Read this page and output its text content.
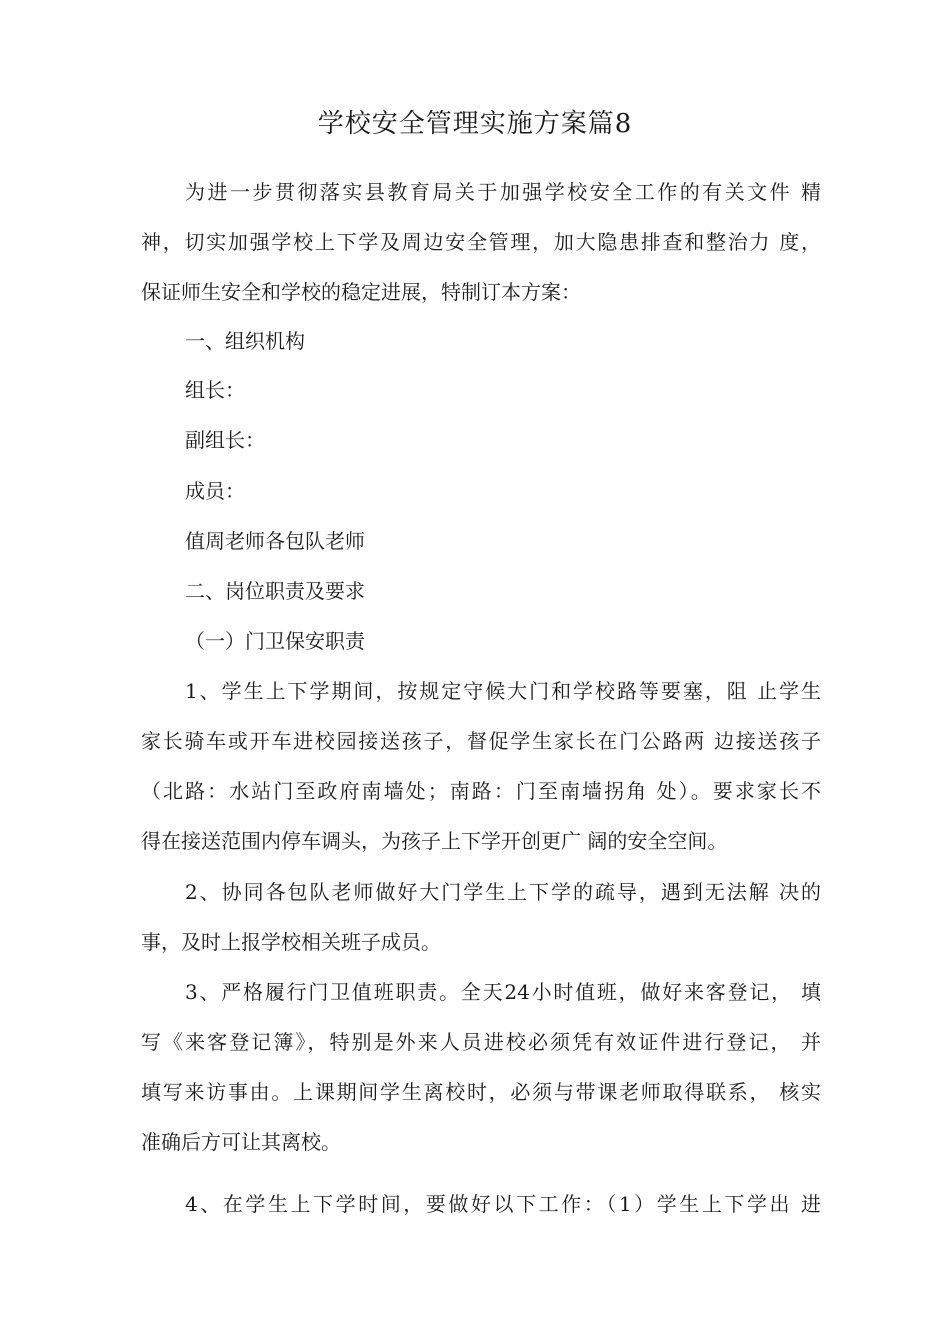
学校安全管理实施方案篇8

为进一步贯彻落实县教育局关于加强学校安全工作的有关文件 精

神，切实加强学校上下学及周边安全管理，加大隐患排查和整治力 度，

保证师生安全和学校的稳定进展，特制订本方案：

一、组织机构

组长：

副组长：

成员：

值周老师各包队老师

二、岗位职责及要求

（一）门卫保安职责

1、学生上下学期间，按规定守候大门和学校路等要塞，阻 止学生

家长骑车或开车进校园接送孩子，督促学生家长在门公路两 边接送孩子

（北路：水站门至政府南墙处；南路：门至南墙拐角 处）。要求家长不

得在接送范围内停车调头，为孩子上下学开创更广 阔的安全空间。

2、协同各包队老师做好大门学生上下学的疏导，遇到无法解 决的

事，及时上报学校相关班子成员。

3、严格履行门卫值班职责。全天24小时值班，做好来客登记， 填

写《来客登记簿》，特别是外来人员进校必须凭有效证件进行登记， 并

填写来访事由。上课期间学生离校时，必须与带课老师取得联系， 核实

准确后方可让其离校。

4、在学生上下学时间，要做好以下工作：（1）学生上下学出 进
